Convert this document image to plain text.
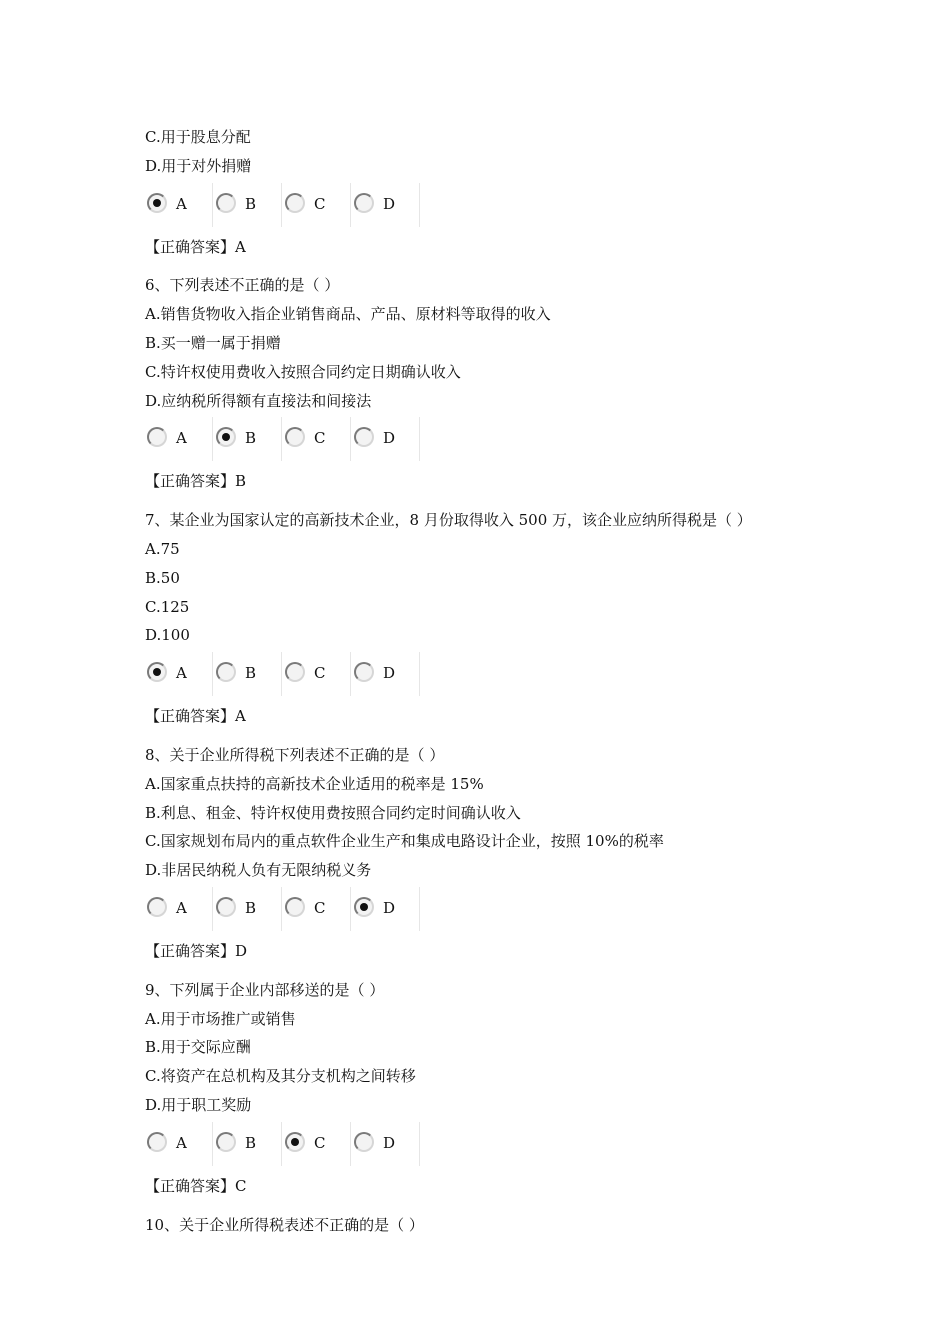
C.用于股息分配
D.用于对外捐赠
A	B	C	D
【正确答案】A
6、下列表述不正确的是（ ）
A.销售货物收入指企业销售商品、产品、原材料等取得的收入
B.买一赠一属于捐赠
C.特许权使用费收入按照合同约定日期确认收入
D.应纳税所得额有直接法和间接法
A	B	C	D
【正确答案】B
7、某企业为国家认定的高新技术企业，8 月份取得收入 500 万，该企业应纳所得税是（ ）
A.75
B.50
C.125
D.100
A	B	C	D
【正确答案】A
8、关于企业所得税下列表述不正确的是（ ）
A.国家重点扶持的高新技术企业适用的税率是 15%
B.利息、租金、特许权使用费按照合同约定时间确认收入
C.国家规划布局内的重点软件企业生产和集成电路设计企业，按照 10%的税率
D.非居民纳税人负有无限纳税义务
A	B	C	D
【正确答案】D
9、下列属于企业内部移送的是（ ）
A.用于市场推广或销售
B.用于交际应酬
C.将资产在总机构及其分支机构之间转移
D.用于职工奖励
A	B	C	D
【正确答案】C
10、关于企业所得税表述不正确的是（ ）
